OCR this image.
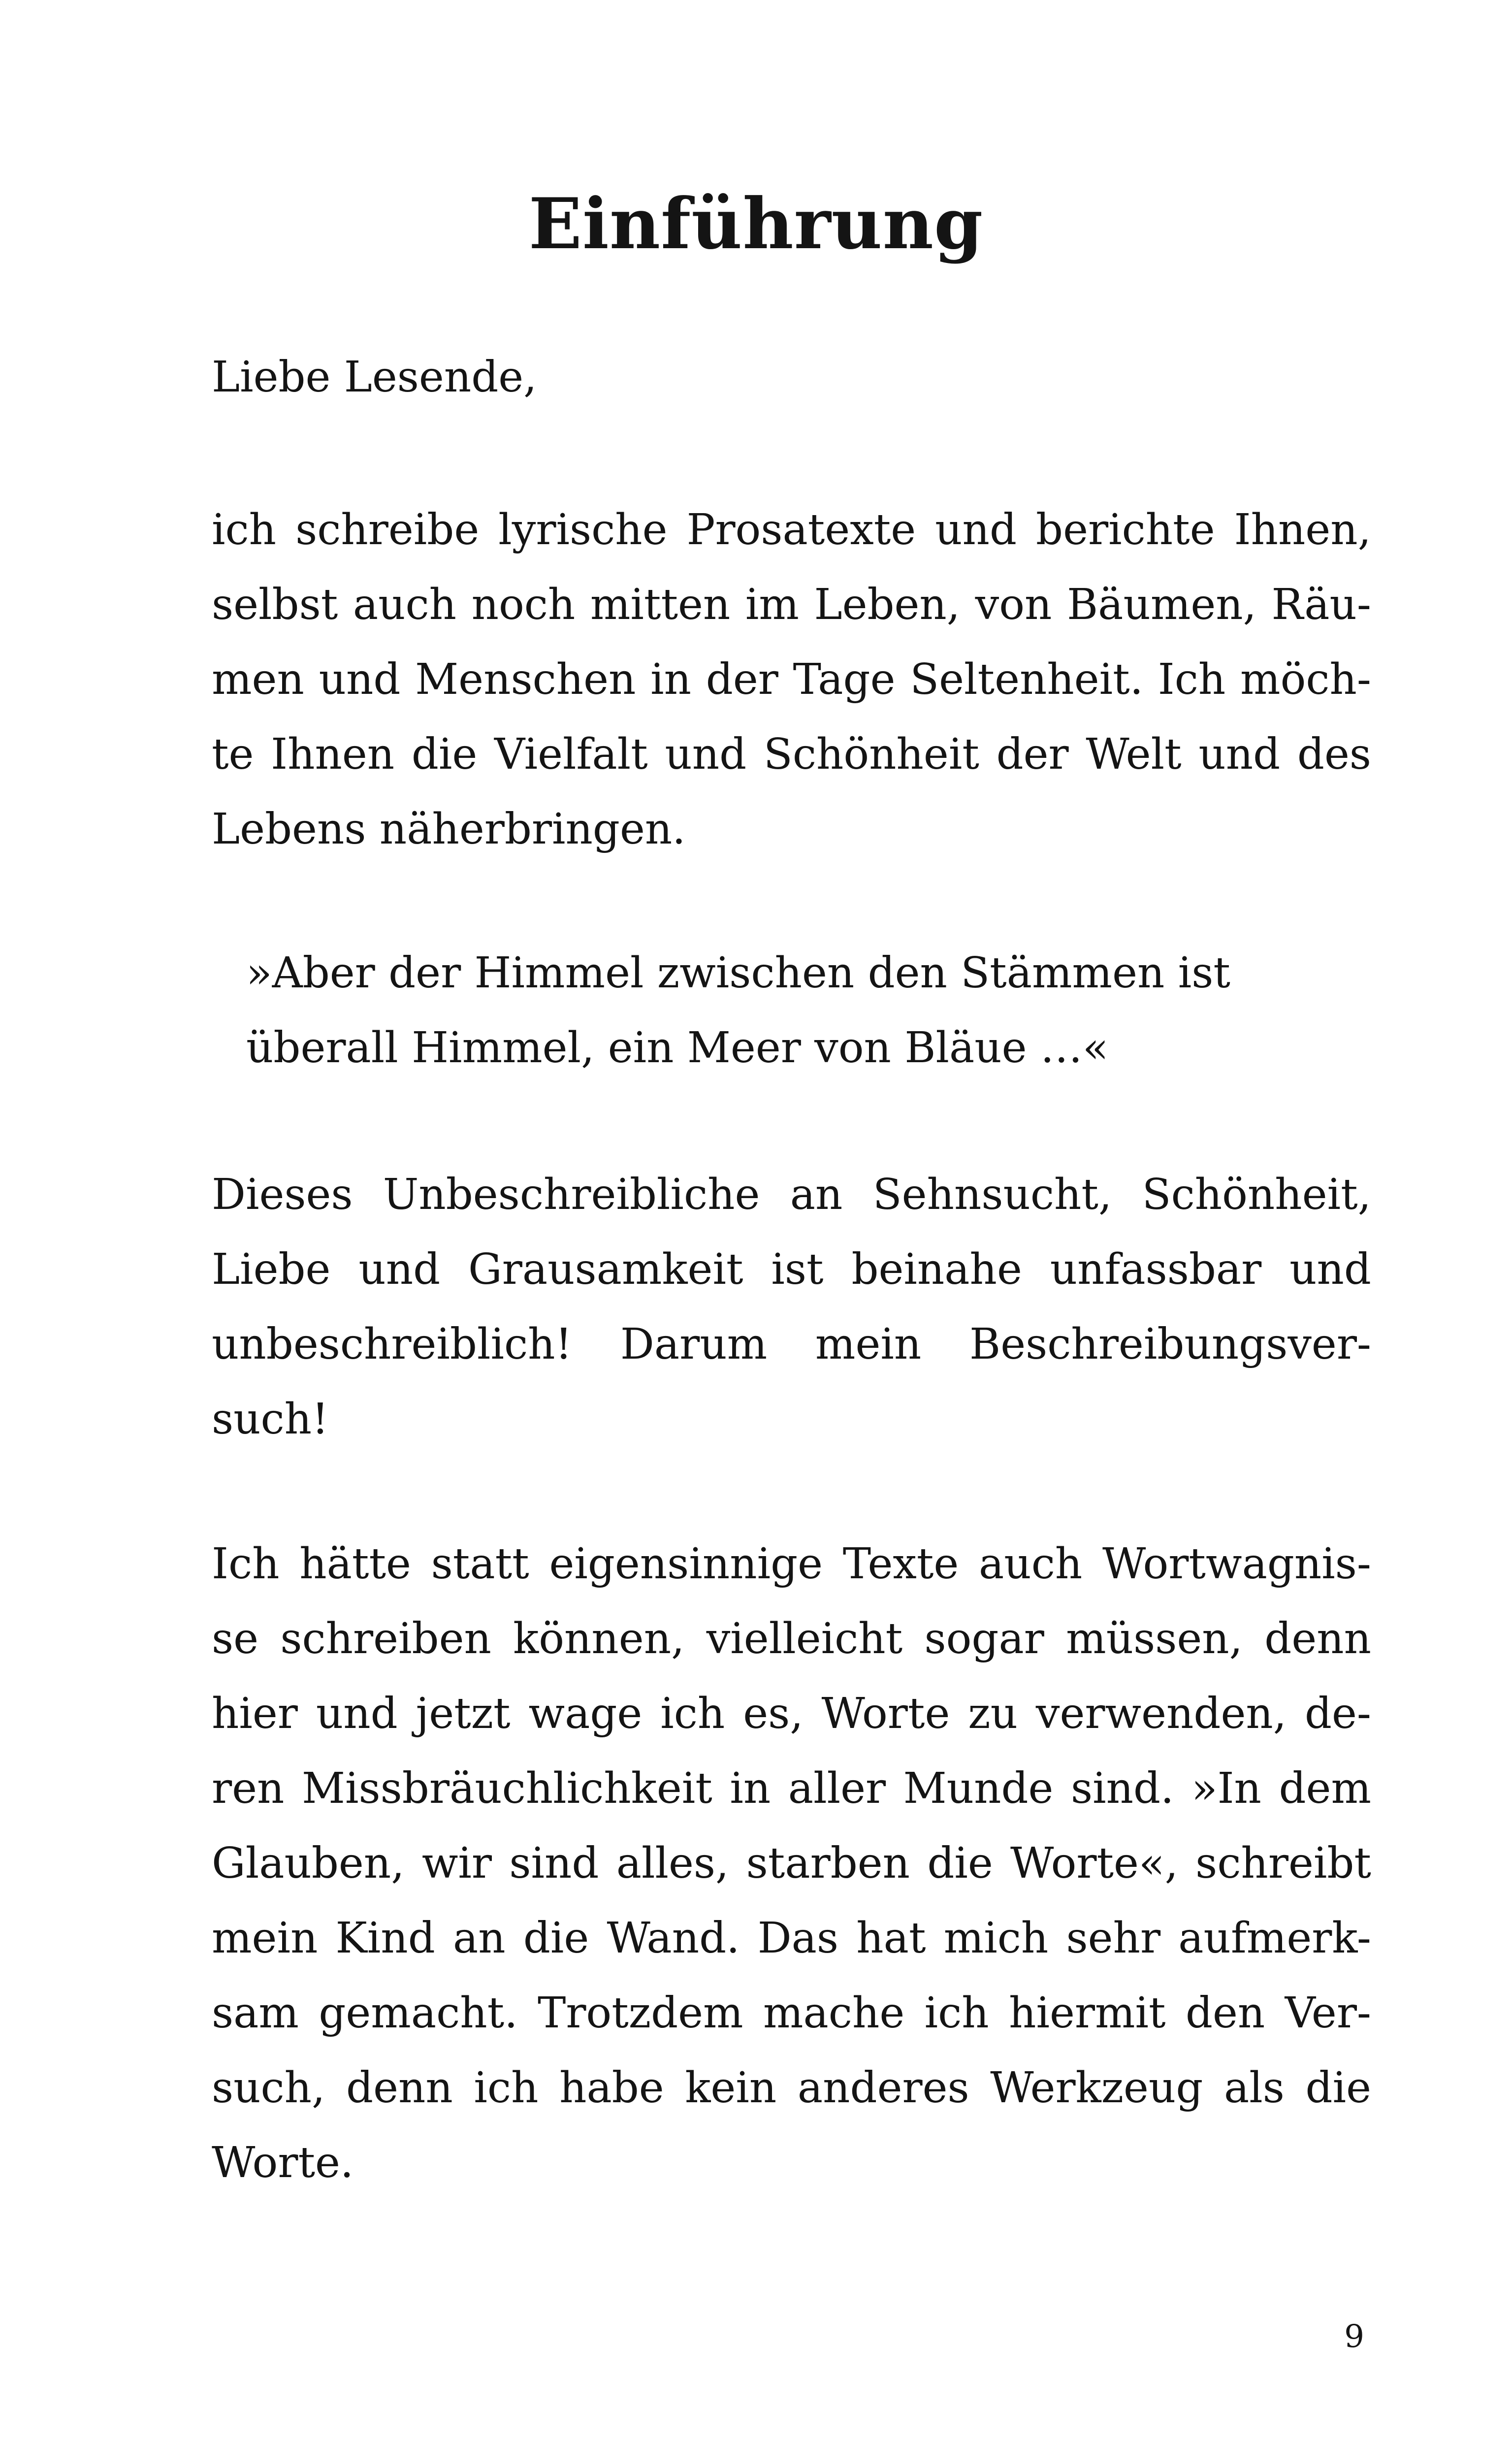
Einführung

Liebe Lesende,

ich schreibe lyrische Prosatexte und berichte Ihnen,
selbst auch noch mitten im Leben, von Bäumen, Räu-
men und Menschen in der Tage Seltenheit. Ich möch-
te Ihnen die Vielfalt und Schönheit der Welt und des
Lebens näherbringen.

»Aber der Himmel zwischen den Stämmen ist
überall Himmel, ein Meer von Bläue …«

Dieses Unbeschreibliche an Sehnsucht, Schönheit,
Liebe und Grausamkeit ist beinahe unfassbar und
unbeschreiblich! Darum mein Beschreibungsver-
such!

Ich hätte statt eigensinnige Texte auch Wortwagnis-
se schreiben können, vielleicht sogar müssen, denn
hier und jetzt wage ich es, Worte zu verwenden, de-
ren Missbräuchlichkeit in aller Munde sind. »In dem
Glauben, wir sind alles, starben die Worte«, schreibt
mein Kind an die Wand. Das hat mich sehr aufmerk-
sam gemacht. Trotzdem mache ich hiermit den Ver-
such, denn ich habe kein anderes Werkzeug als die
Worte.

9
